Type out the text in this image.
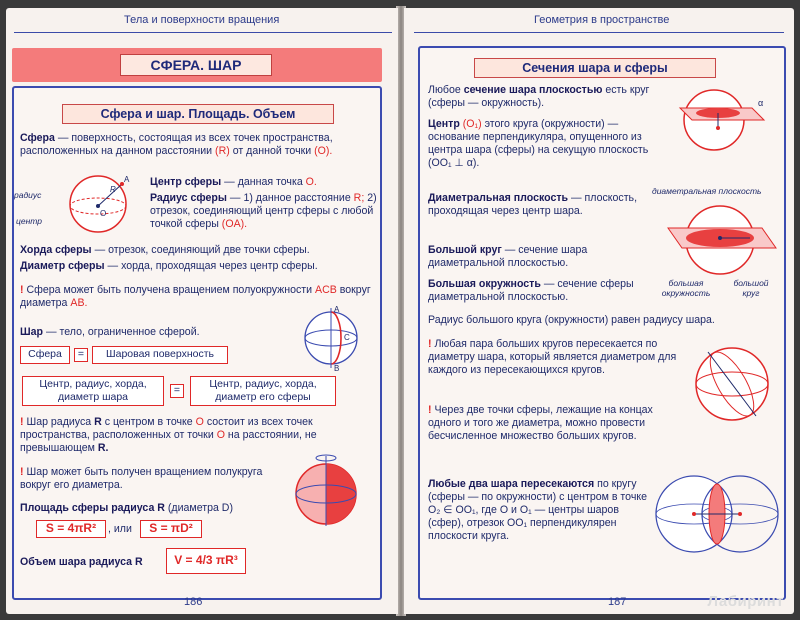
Тела и поверхности вращения
СФЕРА. ШАР
Сфера и шар. Площадь. Объем
Сфера — поверхность, состоящая из всех точек пространства, расположенных на данном расстоянии (R) от данной точки (O).
A
R
O
радиус
центр
Центр сферы — данная точка O.
Радиус сферы — 1) данное расстояние R; 2) отрезок, соединяющий центр сферы с любой точкой сферы (OA).
Хорда сферы — отрезок, соединяющий две точки сферы.
Диаметр сферы — хорда, проходящая через центр сферы.
! Сфера может быть получена вращением полуокружности ACB вокруг диаметра AB.
A
B
C
Шар — тело, ограниченное сферой.
Сфера	=	Шаровая поверхность
Центр, радиус, хорда, диаметр шара
=	Центр, радиус, хорда, диаметр его сферы
! Шар радиуса R с центром в точке O состоит из всех точек пространства, расположенных от точки O на расстоянии, не превышающем R.
! Шар может быть получен вращением полукруга вокруг его диаметра.
Площадь сферы радиуса R (диаметра D)
S = 4πR²	, или	S = πD²
Объем шара радиуса R	V = 4/3 πR³
186
Геометрия в пространстве
Сечения шара и сферы
Любое сечение шара плоскостью есть круг (сферы — окружность).	α
Центр (O₁) этого круга (окружности) — основание перпендикуляра, опущенного из центра шара (сферы) на секущую плоскость (OO₁ ⊥ α).
диаметральная плоскость
большая окружность
большой круг
Диаметральная плоскость — плоскость, проходящая через центр шара.
Большой круг — сечение шара диаметральной плоскостью.
Большая окружность — сечение сферы диаметральной плоскостью.
Радиус большого круга (окружности) равен радиусу шара.
! Любая пара больших кругов пересекается по диаметру шара, который является диаметром для каждого из пересекающихся кругов.
! Через две точки сферы, лежащие на концах одного и того же диаметра, можно провести бесчисленное множество больших кругов.
Любые два шара пересекаются по кругу (сферы — по окружности) с центром в точке O₂ ∈ OO₁, где O и O₁ — центры шаров (сфер), отрезок OO₁ перпендикулярен плоскости круга.
187	Лабиринт
